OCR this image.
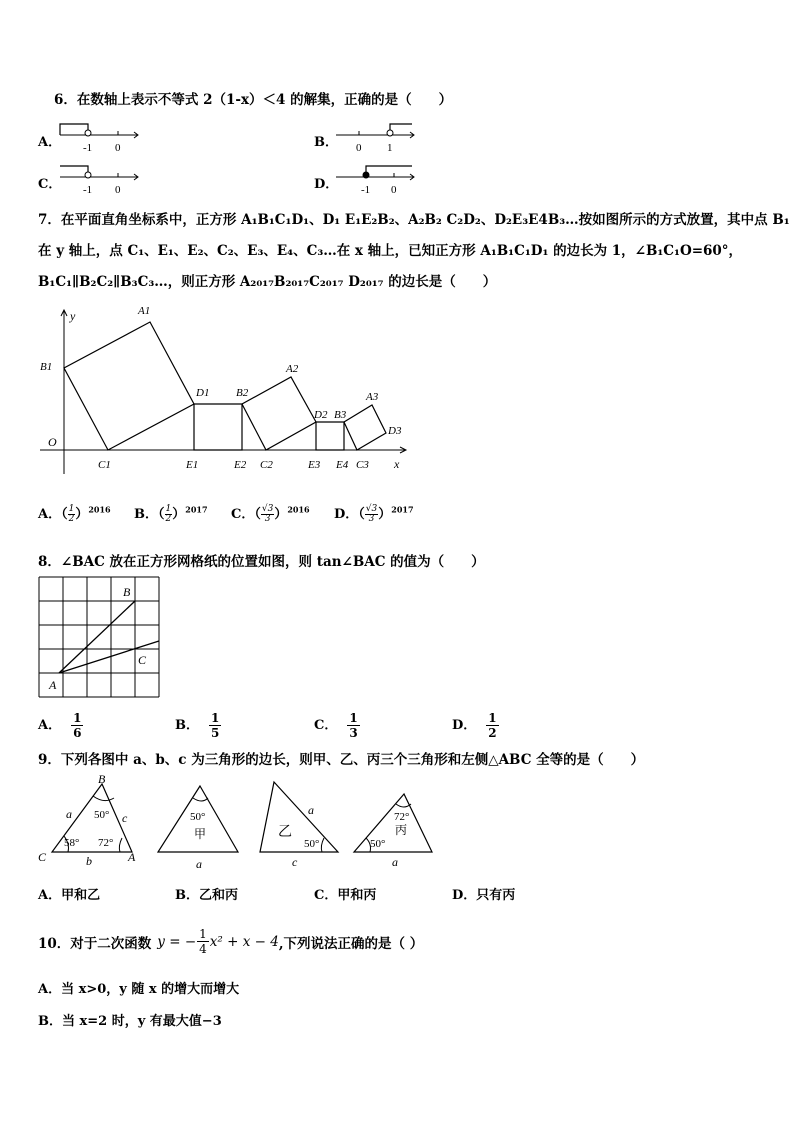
6．在数轴上表示不等式 2（1-x）＜4 的解集，正确的是（　　）
A． -1 0	B． 0 1
C． -1 0	D． -1 0
7．在平面直角坐标系中，正方形 A₁B₁C₁D₁、D₁ E₁E₂B₂、A₂B₂ C₂D₂、D₂E₃E4B₃…按如图所示的方式放置，其中点 B₁
在 y 轴上，点 C₁、E₁、E₂、C₂、E₃、E₄、C₃…在 x 轴上，已知正方形 A₁B₁C₁D₁ 的边长为 1，∠B₁C₁O=60°，
B₁C₁∥B₂C₂∥B₃C₃…，则正方形 A₂₀₁₇B₂₀₁₇C₂₀₁₇ D₂₀₁₇ 的边长是（　　）
y
x
O
A1
B1
D1 B2
A2
D2 B3
A3
D3
C1	E1	E2 C2	E3 E4 C3
A．（ $\frac{1}{2} )^{2016}$ B．（ $\frac{1}{2} )^{2017}$ C．（ $\frac{√3}{3} )^{2016}$ D．（ $\frac{√3}{3} )^{2017}$
8．∠BAC 放在正方形网格纸的位置如图，则 tan∠BAC 的值为（　　）
A
B
C
A． $\frac{1}{6}$	B． $\frac{1}{5}$	C． $\frac{1}{3}$	D． $\frac{1}{2}$
9．下列各图中 a、b、c 为三角形的边长，则甲、乙、丙三个三角形和左侧△ABC 全等的是（　　）
B
C	A
a
b
c
50°
58° 72°
50°
甲
a
乙
a
50°
c
72°
丙
50°
a
A．甲和乙	B．乙和丙	C．甲和丙	D．只有丙
10．对于二次函数 y = − $\frac{1}{4} x^2 + x - 4$ ,下列说法正确的是（ ）
A．当 x>0，y 随 x 的增大而增大
B．当 x=2 时，y 有最大值−3
